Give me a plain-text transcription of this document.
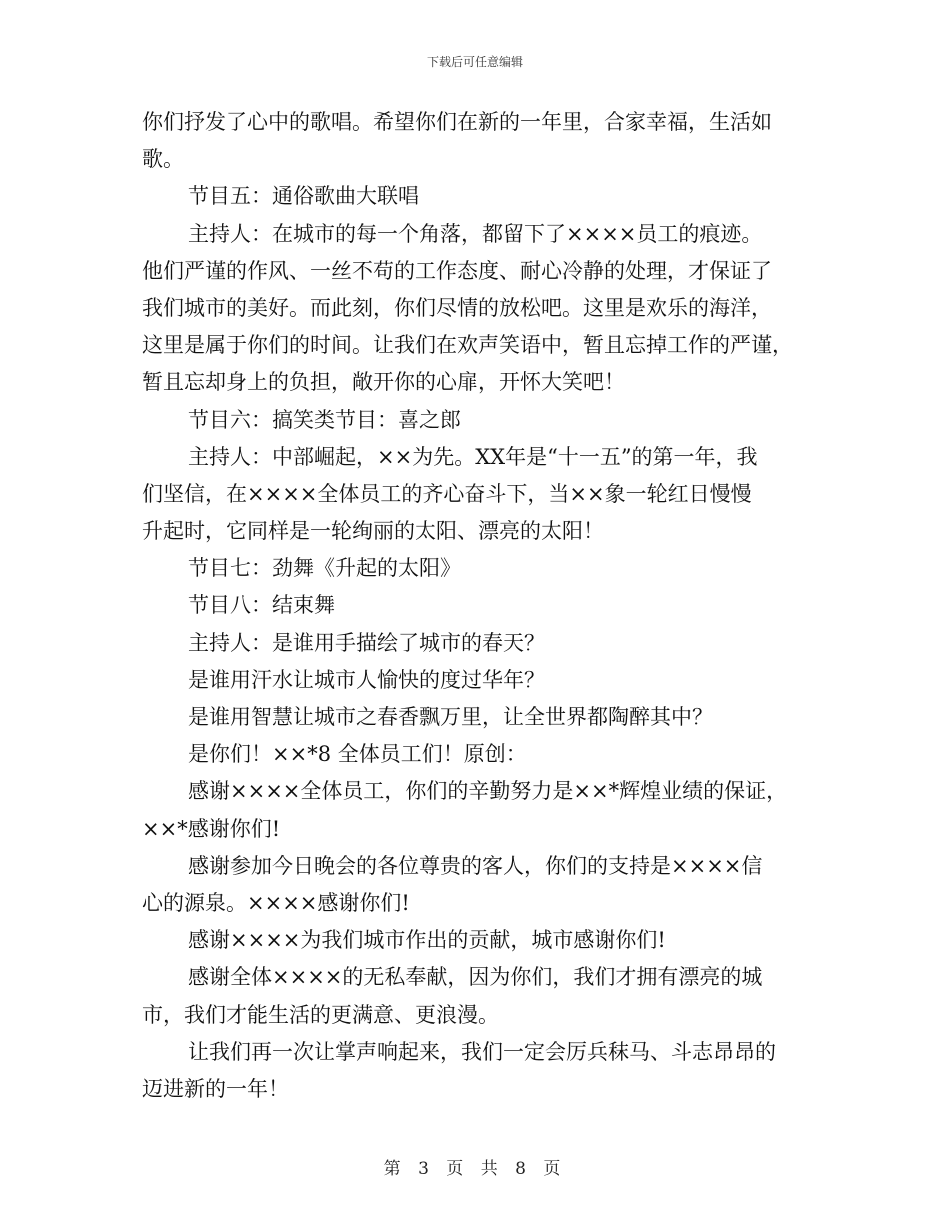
下载后可任意编辑
你们抒发了心中的歌唱。希望你们在新的一年里，合家幸福，生活如
歌。
节目五：通俗歌曲大联唱
主持人：在城市的每一个角落，都留下了××××员工的痕迹。
他们严谨的作风、一丝不苟的工作态度、耐心冷静的处理，才保证了
我们城市的美好。而此刻，你们尽情的放松吧。这里是欢乐的海洋，
这里是属于你们的时间。让我们在欢声笑语中，暂且忘掉工作的严谨，
暂且忘却身上的负担，敞开你的心扉，开怀大笑吧！
节目六：搞笑类节目：喜之郎
主持人：中部崛起，××为先。XX年是“十一五”的第一年，我
们坚信，在××××全体员工的齐心奋斗下，当××象一轮红日慢慢
升起时，它同样是一轮绚丽的太阳、漂亮的太阳！
节目七：劲舞《升起的太阳》
节目八：结束舞
主持人：是谁用手描绘了城市的春天？
是谁用汗水让城市人愉快的度过华年？
是谁用智慧让城市之春香飘万里，让全世界都陶醉其中？
是你们！××*8 全体员工们！原创：
感谢××××全体员工，你们的辛勤努力是××*辉煌业绩的保证，
××*感谢你们!
感谢参加今日晚会的各位尊贵的客人，你们的支持是××××信
心的源泉。××××感谢你们!
感谢××××为我们城市作出的贡献，城市感谢你们!
感谢全体××××的无私奉献，因为你们，我们才拥有漂亮的城
市，我们才能生活的更满意、更浪漫。
让我们再一次让掌声响起来，我们一定会厉兵秣马、斗志昂昂的
迈进新的一年！
第 3 页 共 8 页
